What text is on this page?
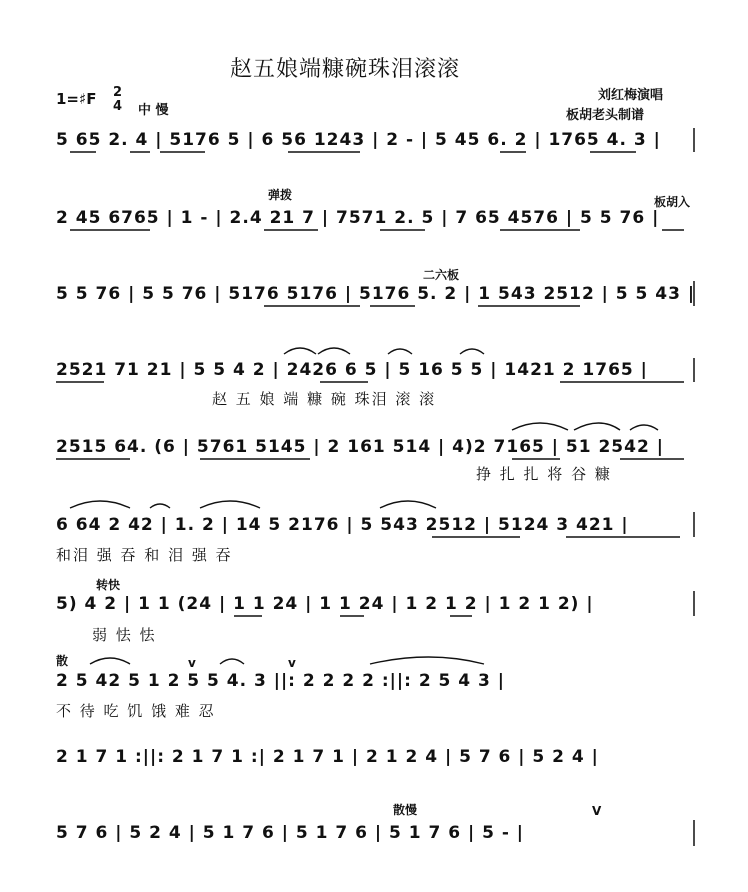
赵五娘端糠碗珠泪滚滚
1=♯F 2
4 中 慢
刘红梅演唱
板胡老头制谱
弹拨	板胡入
二六板
转快
散
散慢
v	v
V
5 65 2. 4 | 5176 5 | 6 56 1243 | 2 - | 5 45 6. 2 | 1765 4. 3 |
2 45 6765 | 1 - | 2.4 21 7 | 7571 2. 5 | 7 65 4576 | 5 5 76 |
5 5 76 | 5 5 76 | 5176 5176 | 5176 5. 2 | 1 543 2512 | 5 5 43 |
2521 71 21 | 5 5 4 2 | 2426 6 5 | 5 16 5 5 | 1421 2 1765 |
赵 五 娘 端 糠 碗 珠泪 滚 滚
2515 64. (6 | 5761 5145 | 2 161 514 | 4)2 7165 | 51 2542 |
挣 扎 扎 将 谷 糠
6 64 2 42 | 1. 2 | 14 5 2176 | 5 543 2512 | 5124 3 421 |
和泪 强 吞 和 泪 强 吞
5) 4 2 | 1 1 (24 | 1 1 24 | 1 1 24 | 1 2 1 2 | 1 2 1 2) |
弱 怯 怯
2 5 42 5 1 2 5 5 4. 3 ||: 2 2 2 2 :||: 2 5 4 3 |
不 待 吃 饥 饿 难 忍
2 1 7 1 :||: 2 1 7 1 :| 2 1 7 1 | 2 1 2 4 | 5 7 6 | 5 2 4 |
5 7 6 | 5 2 4 | 5 1 7 6 | 5 1 7 6 | 5 1 7 6 | 5 - |
